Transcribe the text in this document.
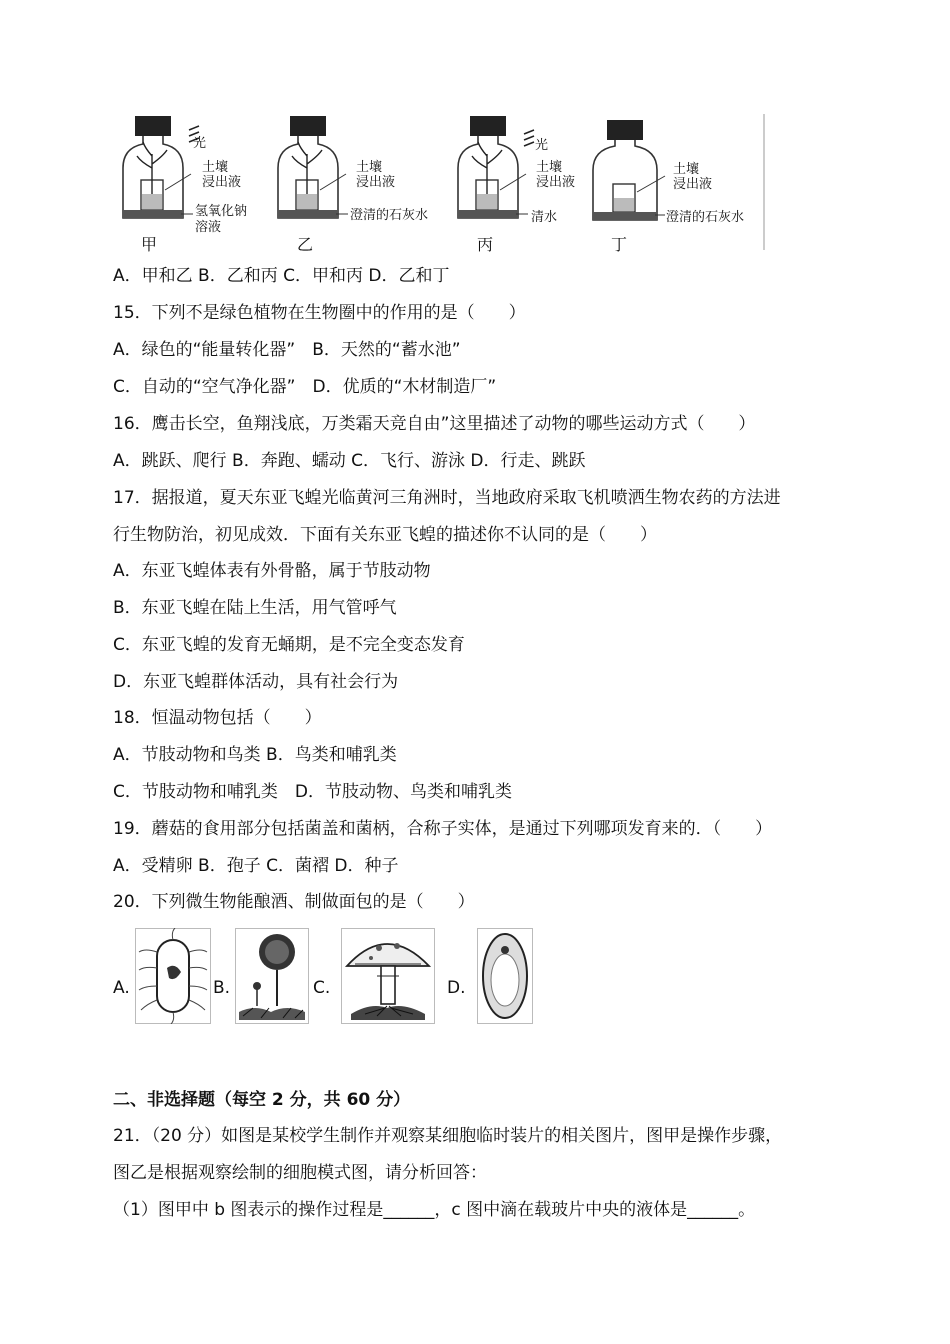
光
土壤
浸出液
氢氧化钠
溶液
土壤
浸出液
澄清的石灰水
光
土壤
浸出液
清水
土壤
浸出液
澄清的石灰水
甲	乙	丙	丁
A．甲和乙 B．乙和丙 C．甲和丙 D．乙和丁
15．下列不是绿色植物在生物圈中的作用的是（　　）
A．绿色的“能量转化器”　B．天然的“蓄水池”
C．自动的“空气净化器”　D．优质的“木材制造厂”
16．鹰击长空，鱼翔浅底，万类霜天竞自由”这里描述了动物的哪些运动方式（　　）
A．跳跃、爬行 B．奔跑、蠕动 C．飞行、游泳 D．行走、跳跃
17．据报道，夏天东亚飞蝗光临黄河三角洲时，当地政府采取飞机喷洒生物农药的方法进
行生物防治，初见成效．下面有关东亚飞蝗的描述你不认同的是（　　）
A．东亚飞蝗体表有外骨骼，属于节肢动物
B．东亚飞蝗在陆上生活，用气管呼气
C．东亚飞蝗的发育无蛹期，是不完全变态发育
D．东亚飞蝗群体活动，具有社会行为
18．恒温动物包括（　　）
A．节肢动物和鸟类 B．鸟类和哺乳类
C．节肢动物和哺乳类　D．节肢动物、鸟类和哺乳类
19．蘑菇的食用部分包括菌盖和菌柄，合称子实体，是通过下列哪项发育来的．（　　）
A．受精卵 B．孢子 C．菌褶 D．种子
20．下列微生物能酿酒、制做面包的是（　　）
A.	B.	C.	D.
二、非选择题（每空 2 分，共 60 分）
21．（20 分）如图是某校学生制作并观察某细胞临时装片的相关图片，图甲是操作步骤，
图乙是根据观察绘制的细胞模式图，请分析回答：
（1）图甲中 b 图表示的操作过程是______，c 图中滴在载玻片中央的液体是______。
